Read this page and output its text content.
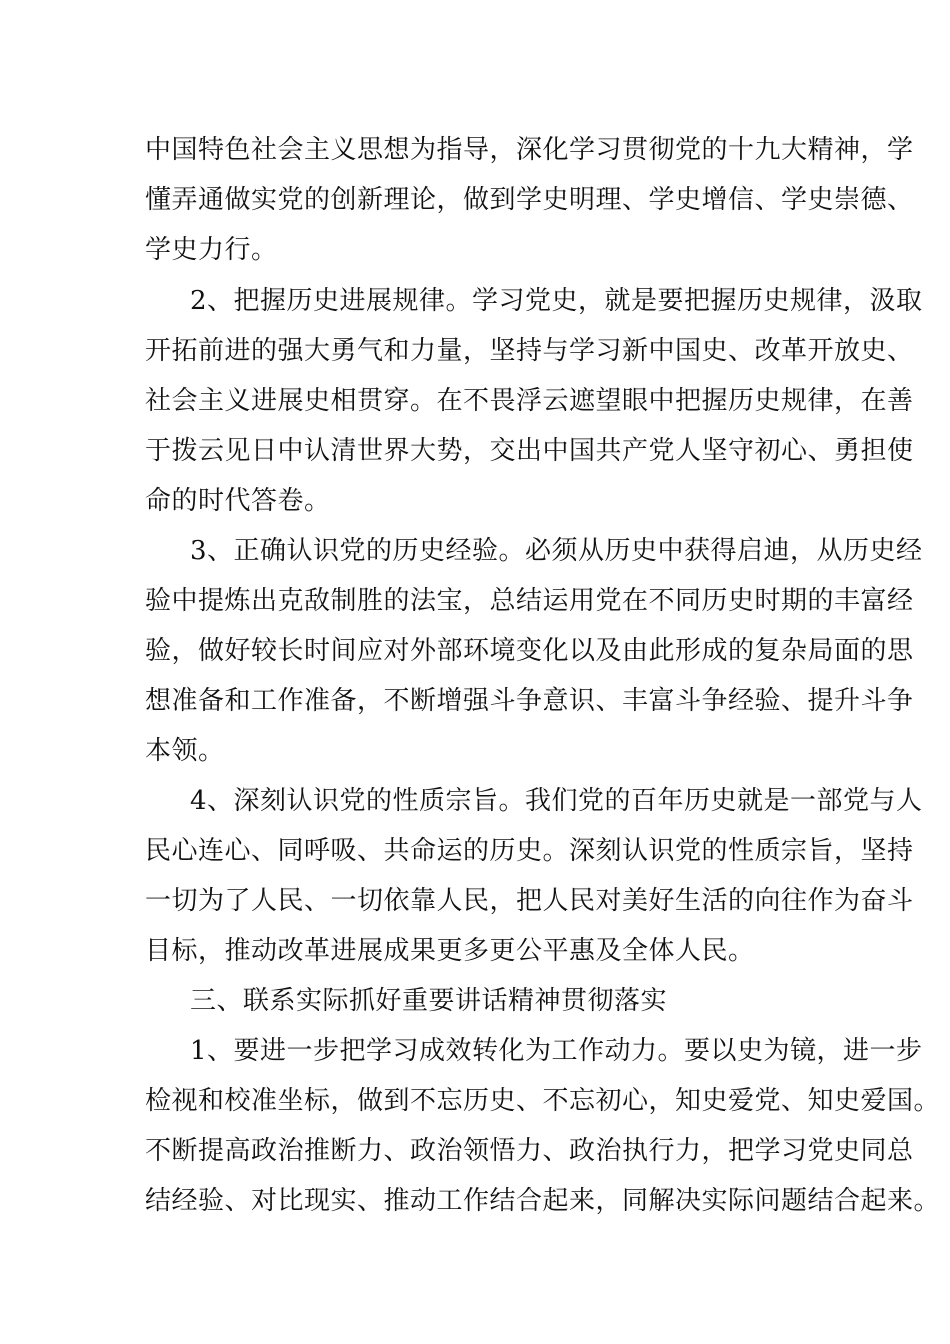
中国特色社会主义思想为指导，深化学习贯彻党的十九大精神，学
懂弄通做实党的创新理论，做到学史明理、学史增信、学史崇德、
学史力行。
2、把握历史进展规律。学习党史，就是要把握历史规律，汲取
开拓前进的强大勇气和力量，坚持与学习新中国史、改革开放史、
社会主义进展史相贯穿。在不畏浮云遮望眼中把握历史规律，在善
于拨云见日中认清世界大势，交出中国共产党人坚守初心、勇担使
命的时代答卷。
3、正确认识党的历史经验。必须从历史中获得启迪，从历史经
验中提炼出克敌制胜的法宝，总结运用党在不同历史时期的丰富经
验，做好较长时间应对外部环境变化以及由此形成的复杂局面的思
想准备和工作准备，不断增强斗争意识、丰富斗争经验、提升斗争
本领。
4、深刻认识党的性质宗旨。我们党的百年历史就是一部党与人
民心连心、同呼吸、共命运的历史。深刻认识党的性质宗旨，坚持
一切为了人民、一切依靠人民，把人民对美好生活的向往作为奋斗
目标，推动改革进展成果更多更公平惠及全体人民。
三、联系实际抓好重要讲话精神贯彻落实
1、要进一步把学习成效转化为工作动力。要以史为镜，进一步
检视和校准坐标，做到不忘历史、不忘初心，知史爱党、知史爱国。
不断提高政治推断力、政治领悟力、政治执行力，把学习党史同总
结经验、对比现实、推动工作结合起来，同解决实际问题结合起来。
